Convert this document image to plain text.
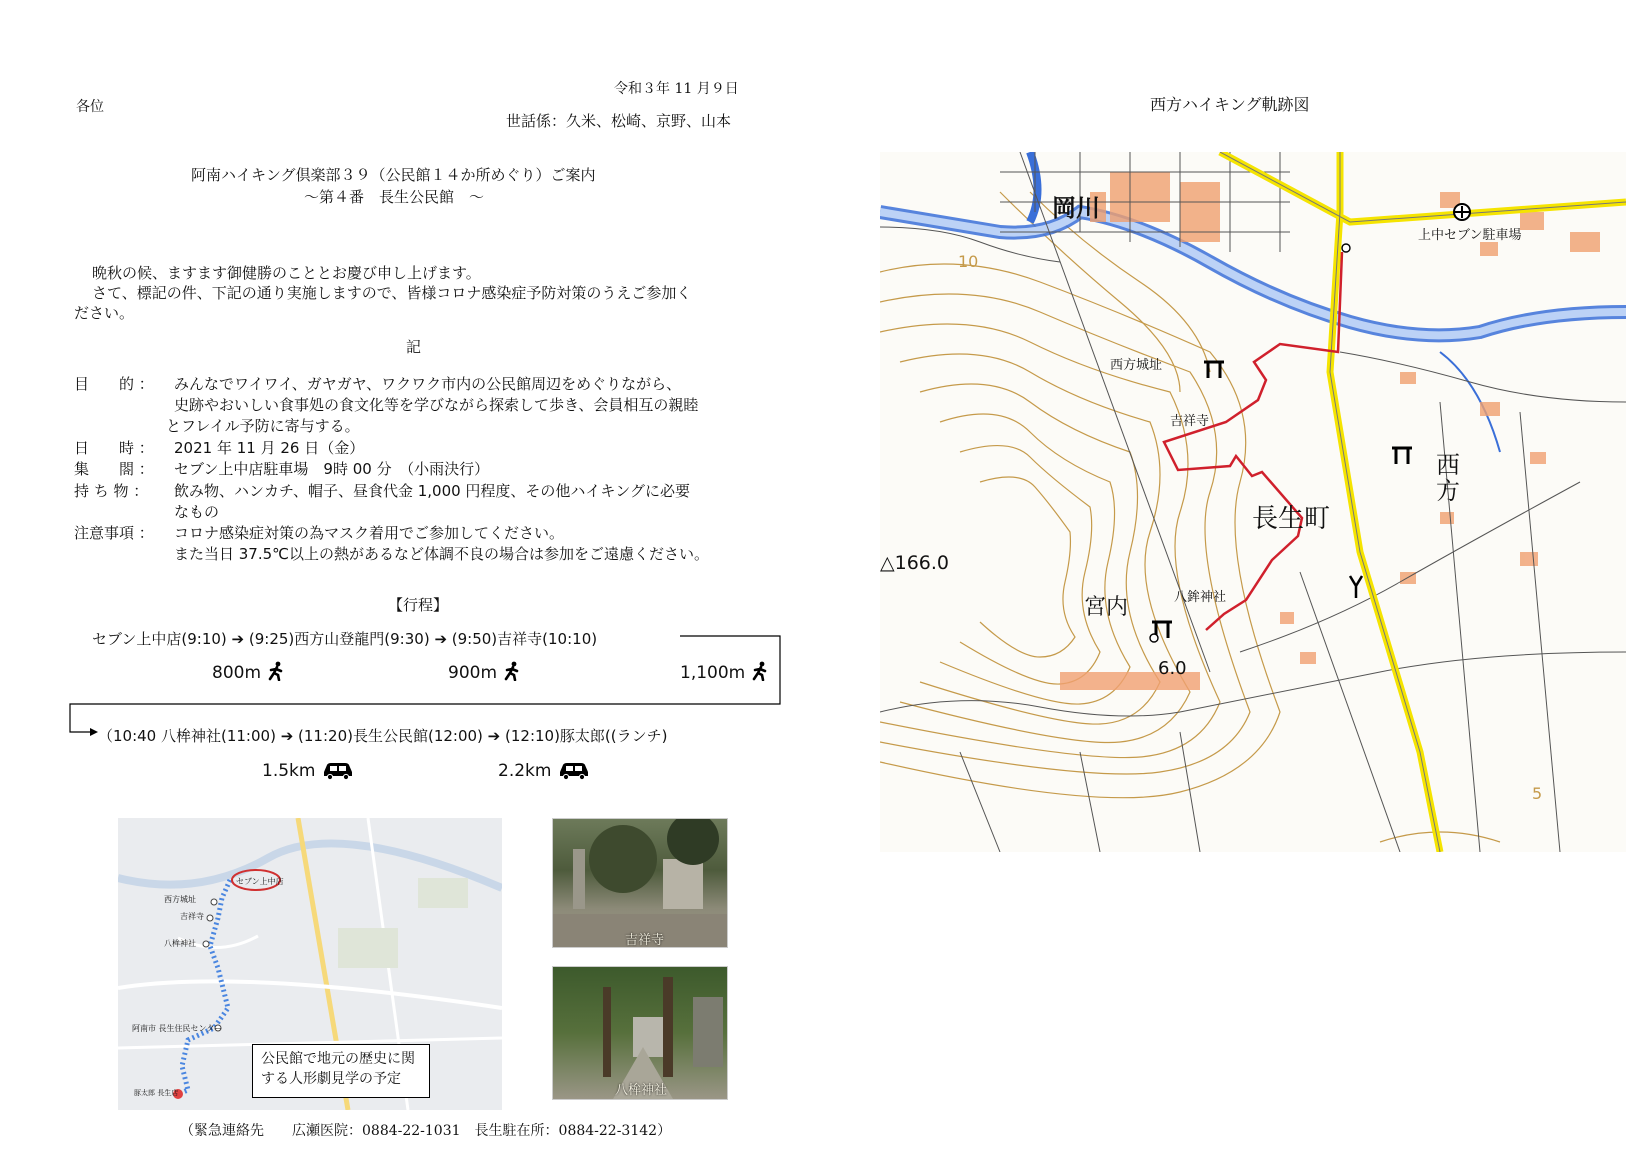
各位
令和３年 11 月９日
世話係：久米、松崎、京野、山本
阿南ハイキング倶楽部３９（公民館１４か所めぐり）ご案内
～第４番　長生公民館　～
晩秋の候、ますます御健勝のこととお慶び申し上げます。
さて、標記の件、下記の通り実施しますので、皆様コロナ感染症予防対策のうえご参加く
ださい。
記
目　　的 ： みんなでワイワイ、ガヤガヤ、ワクワク市内の公民館周辺をめぐりながら、
史跡やおいしい食事処の食文化等を学びながら探索して歩き、会員相互の親睦
とフレイル予防に寄与する。
日　　時 ： 2021 年 11 月 26 日（金）
集　　閤 ： セブン上中店駐車場　9時 00 分　（小雨決行）
持 ち 物 ： 飲み物、ハンカチ、帽子、昼食代金 1,000 円程度、その他ハイキングに必要
なもの
注意事項 ： コロナ感染症対策の為マスク着用でご参加してください。
また当日 37.5℃以上の熱があるなど体調不良の場合は参加をご遠慮ください。
【行程】
セブン上中店(9:10) ➔ (9:25)西方山登龍門(9:30) ➔ (9:50)吉祥寺(10:10)
800m	900m	1,100m
（10:40 八桙神社(11:00) ➔ (11:20)長生公民館(12:00) ➔ (12:10)豚太郎((ランチ)
1.5km	2.2km
西方城址
吉祥寺
八桙神社
阿南市 長生住民センター
豚太郎 長生店
セブン上中店
公民館で地元の歴史に関する人形劇見学の予定
吉祥寺
八桙神社
（緊急連絡先　　広瀬医院：0884-22-1031　長生駐在所：0884-22-3142）
西方ハイキング軌跡図
岡川
上中セブン駐車場
西方城址
吉祥寺
長生町
西方
八鉾神社
△166.0
宮内
6.0
10
5
